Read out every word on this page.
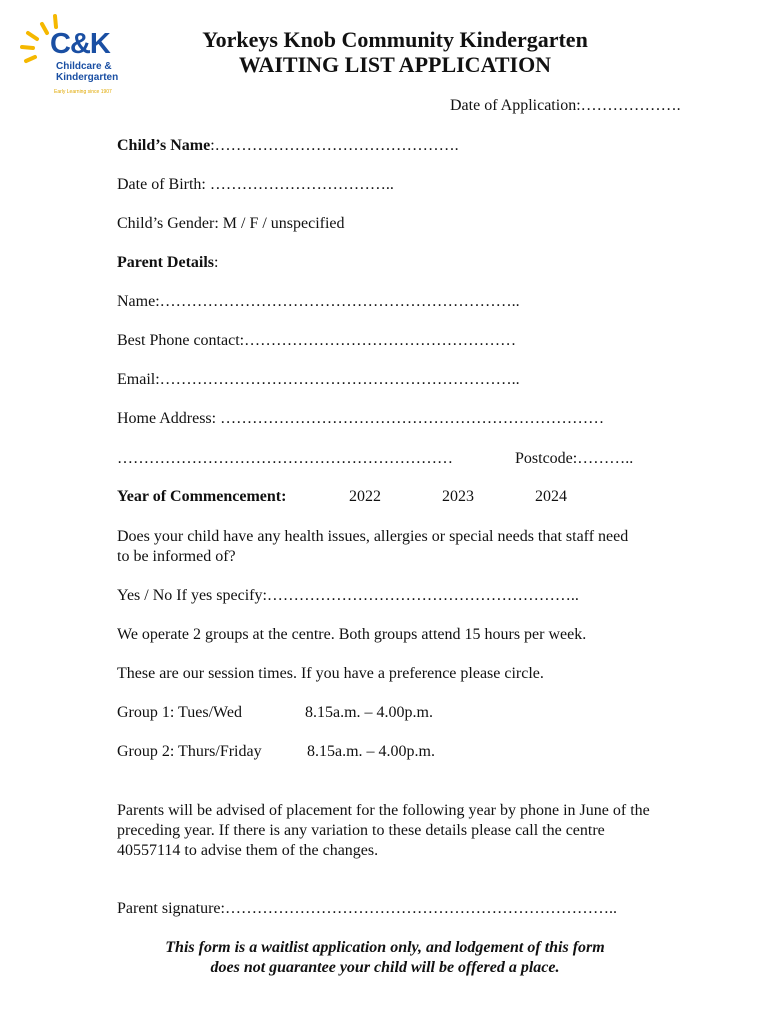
C&K
Childcare &
Kindergarten
Early Learning since 1907
Yorkeys Knob Community Kindergarten
WAITING LIST APPLICATION
Date of Application:……………….
Child’s Name:……………………………………….
Date of Birth: ……………………………..
Child’s Gender: M / F / unspecified
Parent Details:
Name:…………………………………………………………..
Best Phone contact:……………………………………………
Email:…………………………………………………………..
Home Address: ………………………………………………………………
………………………………………………………	Postcode:………..
Year of Commencement:	2022	2023	2024
Does your child have any health issues, allergies or special needs that staff need to be informed of?
Yes / No If yes specify:…………………………………………………..
We operate 2 groups at the centre. Both groups attend 15 hours per week.
These are our session times. If you have a preference please circle.
Group 1: Tues/Wed	8.15a.m. – 4.00p.m.
Group 2: Thurs/Friday	8.15a.m. – 4.00p.m.
Parents will be advised of placement for the following year by phone in June of the preceding year. If there is any variation to these details please call the centre 40557114 to advise them of the changes.
Parent signature:………………………………………………………………..
This form is a waitlist application only, and lodgement of this form
does not guarantee your child will be offered a place.
